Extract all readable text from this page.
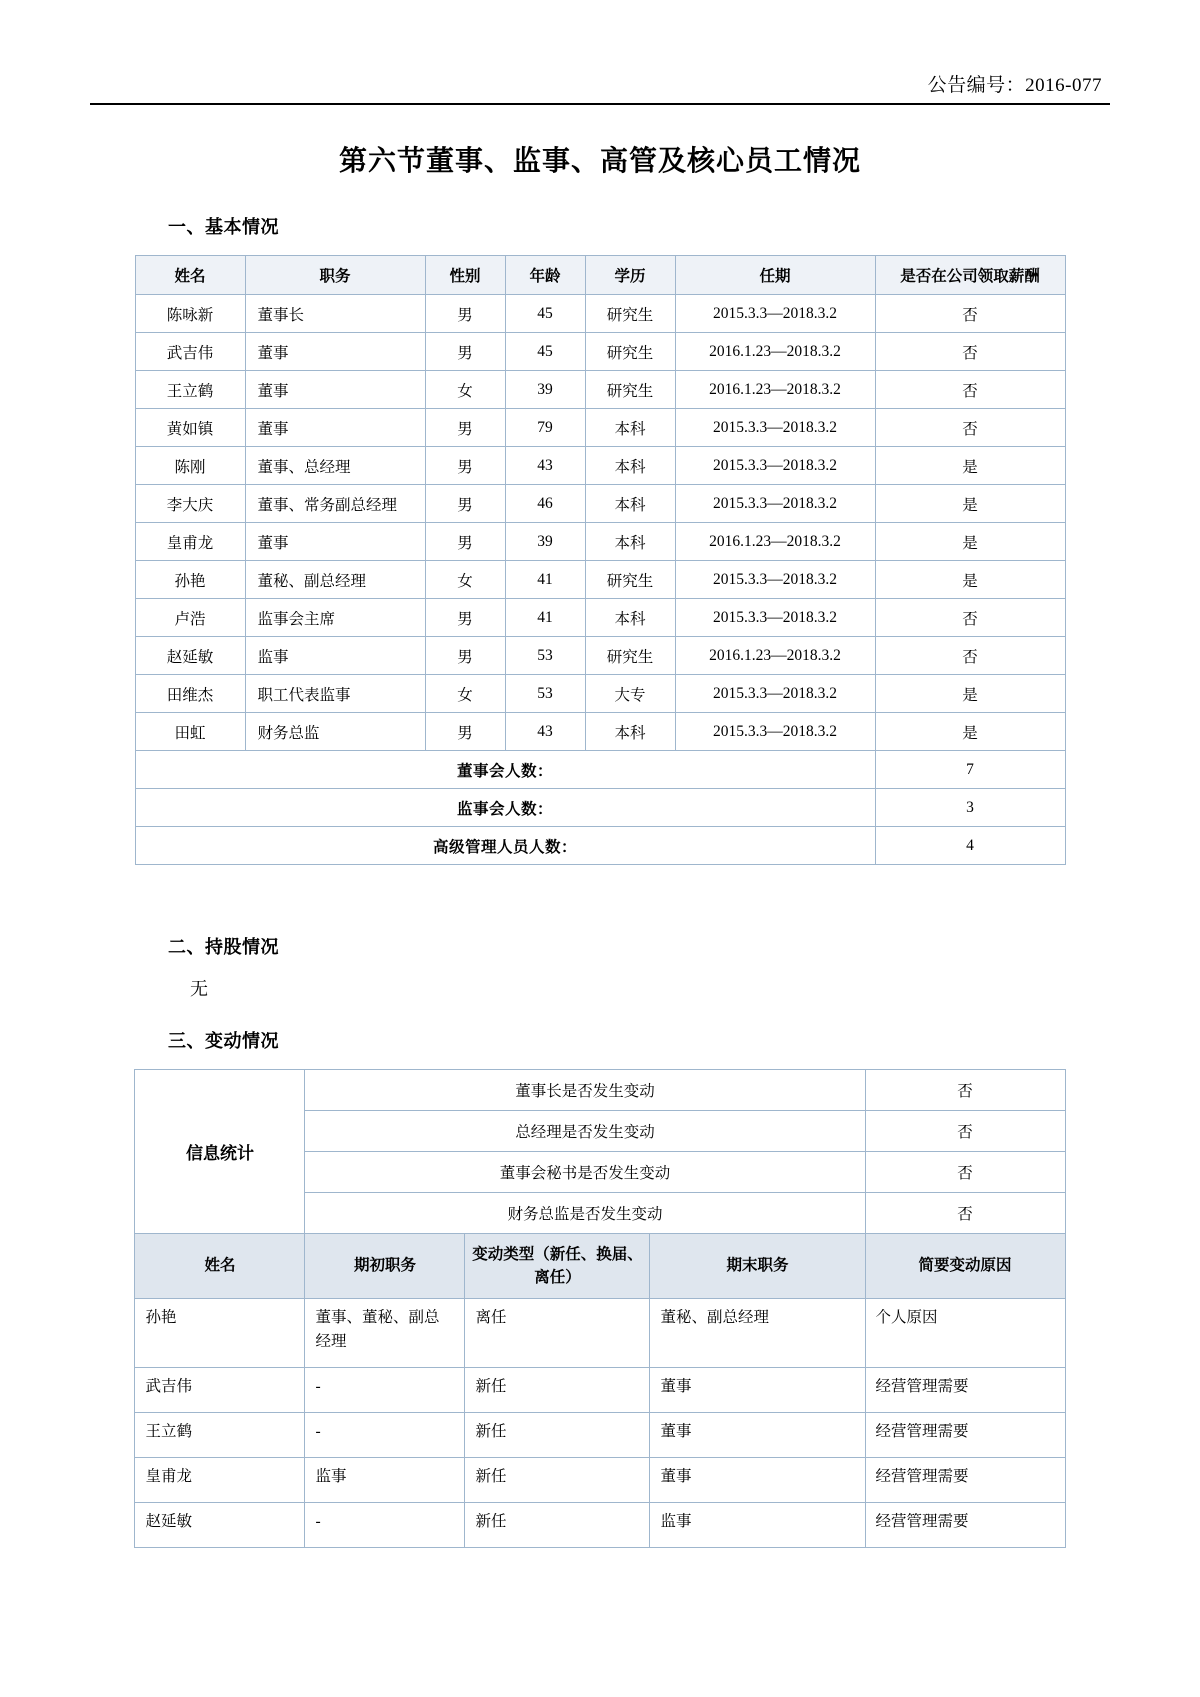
公告编号：2016-077
第六节董事、监事、高管及核心员工情况
一、基本情况
姓名	职务	性别	年龄	学历	任期	是否在公司领取薪酬
陈咏新	董事长	男	45	研究生	2015.3.3—2018.3.2	否
武吉伟	董事	男	45	研究生	2016.1.23—2018.3.2	否
王立鹤	董事	女	39	研究生	2016.1.23—2018.3.2	否
黄如镇	董事	男	79	本科	2015.3.3—2018.3.2	否
陈刚	董事、总经理	男	43	本科	2015.3.3—2018.3.2	是
李大庆	董事、常务副总经理	男	46	本科	2015.3.3—2018.3.2	是
皇甫龙	董事	男	39	本科	2016.1.23—2018.3.2	是
孙艳	董秘、副总经理	女	41	研究生	2015.3.3—2018.3.2	是
卢浩	监事会主席	男	41	本科	2015.3.3—2018.3.2	否
赵延敏	监事	男	53	研究生	2016.1.23—2018.3.2	否
田维杰	职工代表监事	女	53	大专	2015.3.3—2018.3.2	是
田虹	财务总监	男	43	本科	2015.3.3—2018.3.2	是
董事会人数：						7
监事会人数：						3
高级管理人员人数：						4
二、持股情况
无
三、变动情况
信息统计	董事长是否发生变动			否
	总经理是否发生变动			否
	董事会秘书是否发生变动			否
	财务总监是否发生变动			否
姓名	期初职务	变动类型（新任、换届、离任）	期末职务	简要变动原因
孙艳	董事、董秘、副总经理	离任	董秘、副总经理	个人原因
武吉伟	-	新任	董事	经营管理需要
王立鹤	-	新任	董事	经营管理需要
皇甫龙	监事	新任	董事	经营管理需要
赵延敏	-	新任	监事	经营管理需要
